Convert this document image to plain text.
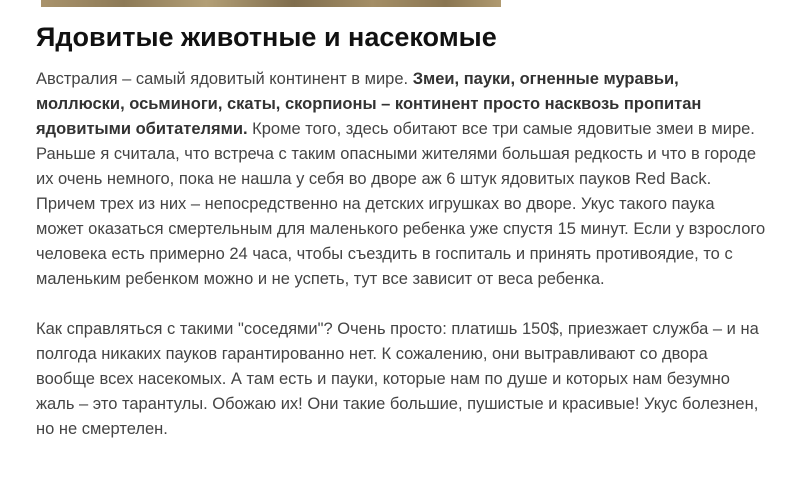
Ядовитые животные и насекомые

Австралия – самый ядовитый континент в мире. Змеи, пауки, огненные муравьи, моллюски, осьминоги, скаты, скорпионы – континент просто насквозь пропитан ядовитыми обитателями. Кроме того, здесь обитают все три самые ядовитые змеи в мире. Раньше я считала, что встреча с таким опасными жителями большая редкость и что в городе их очень немного, пока не нашла у себя во дворе аж 6 штук ядовитых пауков Red Back. Причем трех из них – непосредственно на детских игрушках во дворе. Укус такого паука может оказаться смертельным для маленького ребенка уже спустя 15 минут. Если у взрослого человека есть примерно 24 часа, чтобы съездить в госпиталь и принять противоядие, то с маленьким ребенком можно и не успеть, тут все зависит от веса ребенка.

Как справляться с такими "соседями"? Очень просто: платишь 150$, приезжает служба – и на полгода никаких пауков гарантированно нет. К сожалению, они вытравливают со двора вообще всех насекомых. А там есть и пауки, которые нам по душе и которых нам безумно жаль – это тарантулы. Обожаю их! Они такие большие, пушистые и красивые! Укус болезнен, но не смертелен.
